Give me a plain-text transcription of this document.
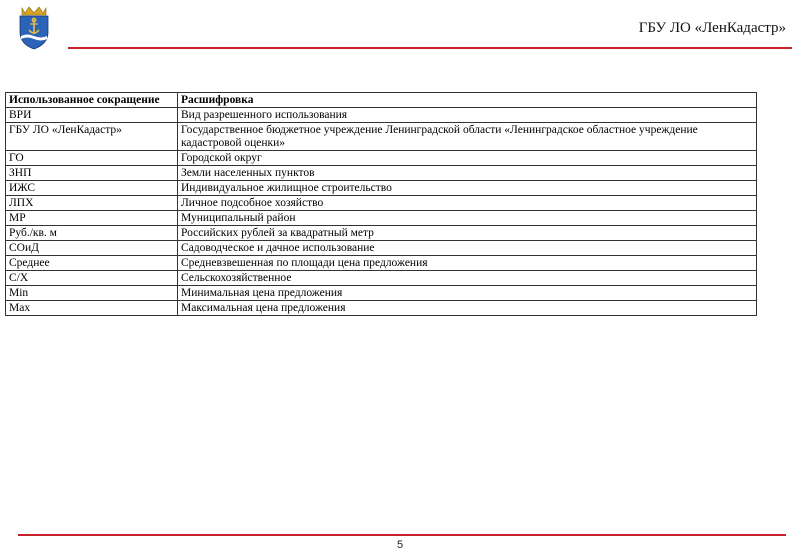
ГБУ ЛО «ЛенКадастр»
Использованное сокращение	Расшифровка
ВРИ	Вид разрешенного использования
ГБУ ЛО «ЛенКадастр»	Государственное бюджетное учреждение Ленинградской области «Ленинградское областное учреждение кадастровой оценки»
ГО	Городской округ
ЗНП	Земли населенных пунктов
ИЖС	Индивидуальное жилищное строительство
ЛПХ	Личное подсобное хозяйство
МР	Муниципальный район
Руб./кв. м	Российских рублей за квадратный метр
СОиД	Садоводческое и дачное использование
Среднее	Средневзвешенная по площади цена предложения
С/Х	Сельскохозяйственное
Min	Минимальная цена предложения
Max	Максимальная цена предложения
5
